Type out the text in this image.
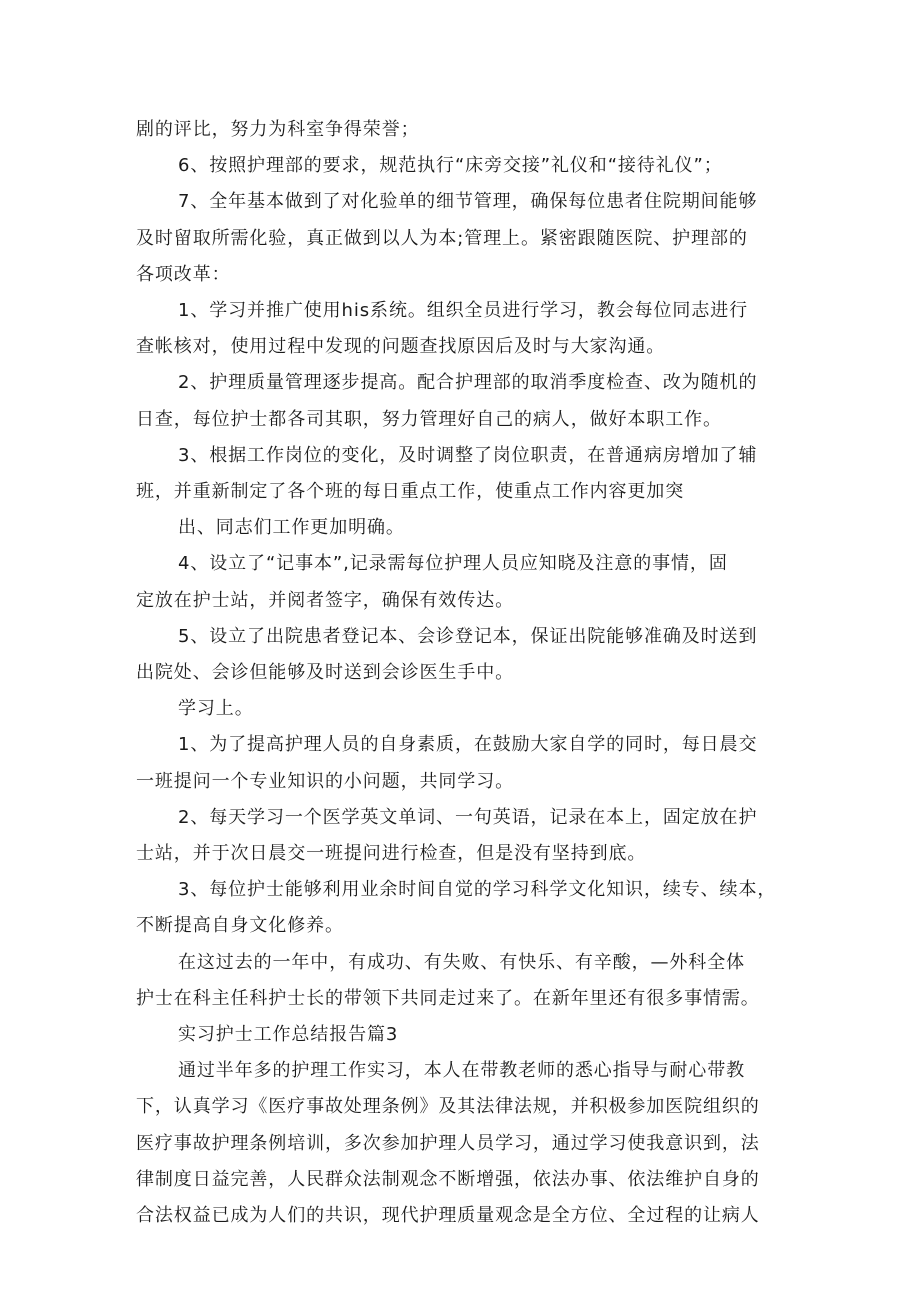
剧的评比，努力为科室争得荣誉；

6、按照护理部的要求，规范执行“床旁交接”礼仪和“接待礼仪”；

7、全年基本做到了对化验单的细节管理，确保每位患者住院期间能够

及时留取所需化验，真正做到以人为本;管理上。紧密跟随医院、护理部的

各项改革：

1、学习并推广使用his系统。组织全员进行学习，教会每位同志进行

查帐核对，使用过程中发现的问题查找原因后及时与大家沟通。

2、护理质量管理逐步提高。配合护理部的取消季度检查、改为随机的

日查，每位护士都各司其职，努力管理好自己的病人，做好本职工作。

3、根据工作岗位的变化，及时调整了岗位职责，在普通病房增加了辅

班，并重新制定了各个班的每日重点工作，使重点工作内容更加突

出、同志们工作更加明确。

4、设立了“记事本”,记录需每位护理人员应知晓及注意的事情，固

定放在护士站，并阅者签字，确保有效传达。

5、设立了出院患者登记本、会诊登记本，保证出院能够准确及时送到

出院处、会诊但能够及时送到会诊医生手中。

学习上。

1、为了提高护理人员的自身素质，在鼓励大家自学的同时，每日晨交

一班提问一个专业知识的小问题，共同学习。

2、每天学习一个医学英文单词、一句英语，记录在本上，固定放在护

士站，并于次日晨交一班提问进行检查，但是没有坚持到底。

3、每位护士能够利用业余时间自觉的学习科学文化知识，续专、续本，

不断提高自身文化修养。

在这过去的一年中，有成功、有失败、有快乐、有辛酸，—外科全体

护士在科主任科护士长的带领下共同走过来了。在新年里还有很多事情需。

实习护士工作总结报告篇3

通过半年多的护理工作实习，本人在带教老师的悉心指导与耐心带教

下，认真学习《医疗事故处理条例》及其法律法规，并积极参加医院组织的

医疗事故护理条例培训，多次参加护理人员学习，通过学习使我意识到，法

律制度日益完善，人民群众法制观念不断增强，依法办事、依法维护自身的

合法权益已成为人们的共识，现代护理质量观念是全方位、全过程的让病人
